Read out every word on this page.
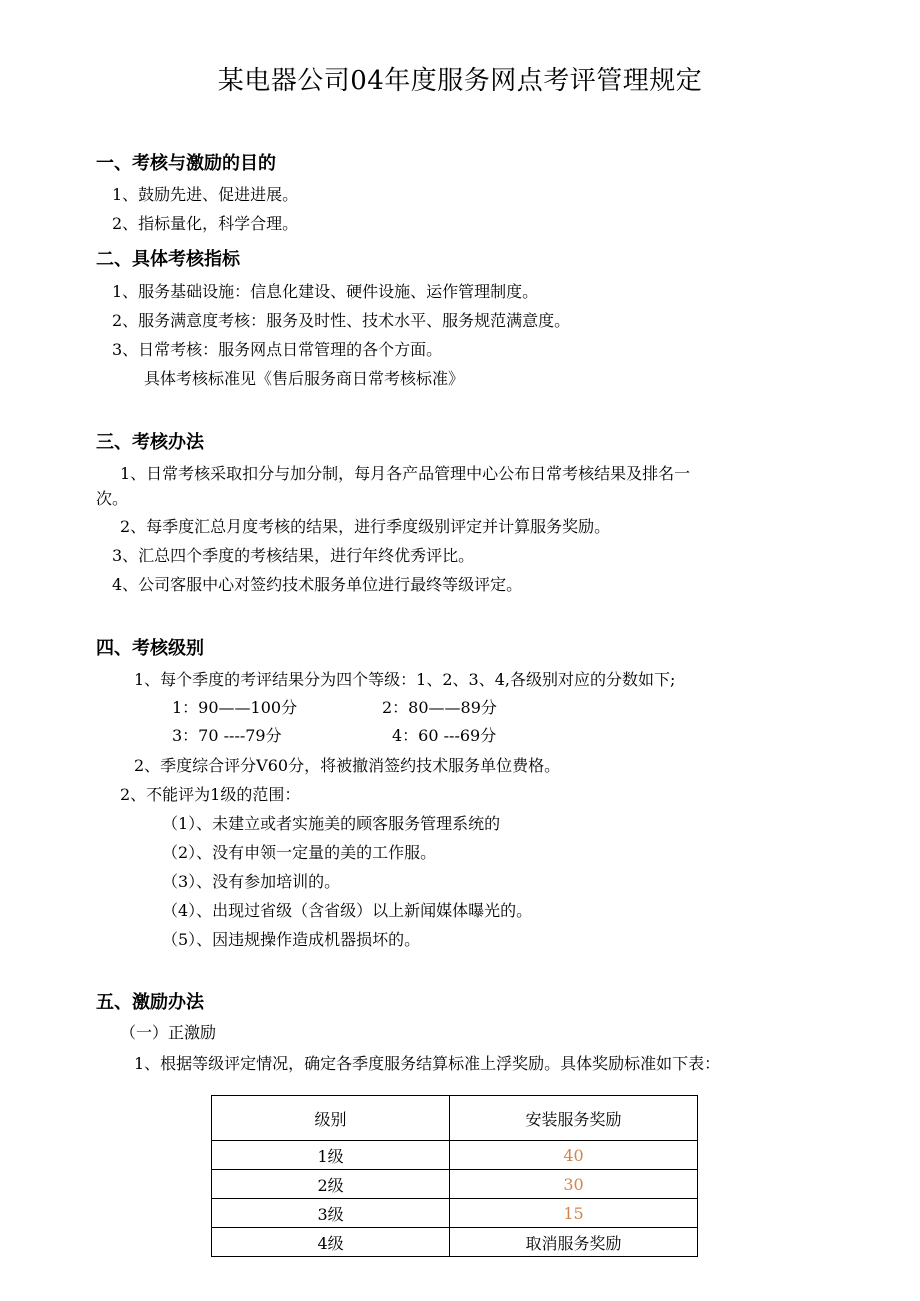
某电器公司04年度服务网点考评管理规定
一、考核与激励的目的
1、鼓励先进、促进进展。
2、指标量化，科学合理。
二、具体考核指标
1、服务基础设施：信息化建设、硬件设施、运作管理制度。
2、服务满意度考核：服务及时性、技术水平、服务规范满意度。
3、日常考核：服务网点日常管理的各个方面。
具体考核标准见《售后服务商日常考核标准》
三、考核办法
1、日常考核采取扣分与加分制，每月各产品管理中心公布日常考核结果及排名一
次。
2、每季度汇总月度考核的结果，进行季度级别评定并计算服务奖励。
3、汇总四个季度的考核结果，进行年终优秀评比。
4、公司客服中心对签约技术服务单位进行最终等级评定。
四、考核级别
1、每个季度的考评结果分为四个等级：1、2、3、4,各级别对应的分数如下;
1：90——100分	2：80——89分
3：70 ----79分	4：60 ---69分
2、季度综合评分V60分，将被撤消签约技术服务单位费格。
2、不能评为1级的范围：
（1）、未建立或者实施美的顾客服务管理系统的
（2）、没有申领一定量的美的工作服。
（3）、没有参加培训的。
（4）、出现过省级（含省级）以上新闻媒体曝光的。
（5）、因违规操作造成机器损坏的。
五、激励办法
（一）正激励
1、根据等级评定情况，确定各季度服务结算标准上浮奖励。具体奖励标准如下表：
级别	安装服务奖励
1级	40
2级	30
3级	15
4级	取消服务奖励
